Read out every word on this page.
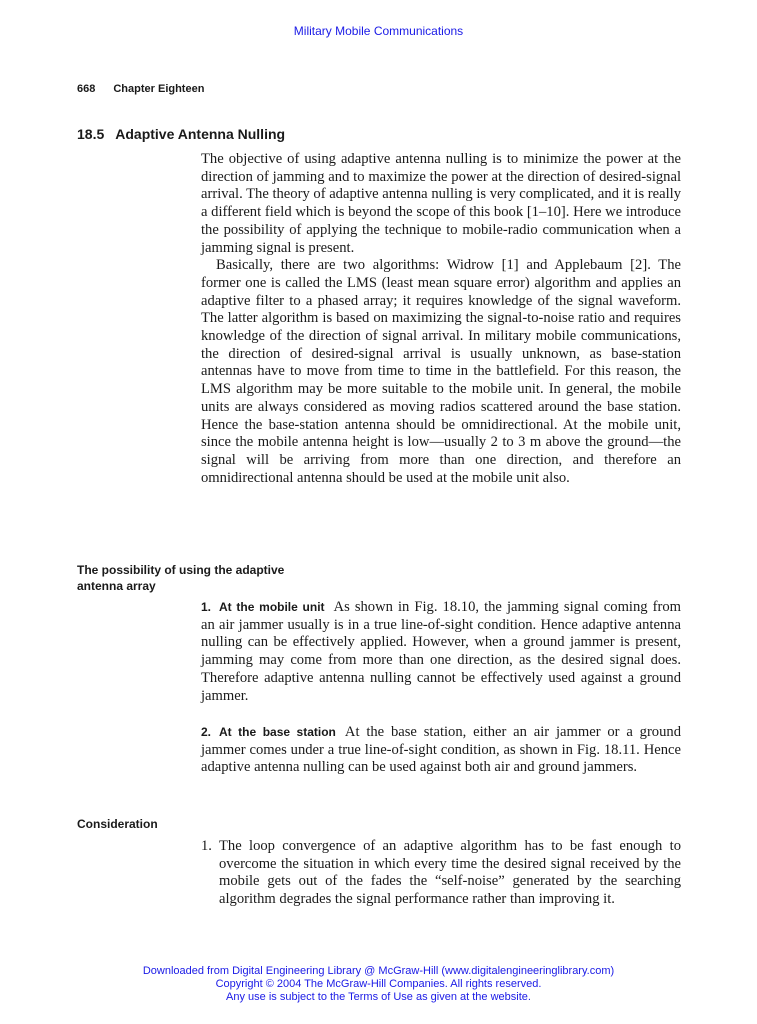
Military Mobile Communications
668 Chapter Eighteen
18.5 Adaptive Antenna Nulling

The objective of using adaptive antenna nulling is to minimize the power at the direction of jamming and to maximize the power at the direction of desired-signal arrival. The theory of adaptive antenna nulling is very complicated, and it is really a different field which is beyond the scope of this book [1–10]. Here we introduce the possibility of applying the technique to mobile-radio communication when a jamming signal is present.

Basically, there are two algorithms: Widrow [1] and Applebaum [2]. The former one is called the LMS (least mean square error) algorithm and applies an adaptive filter to a phased array; it requires knowledge of the signal waveform. The latter algorithm is based on maximizing the signal-to-noise ratio and requires knowledge of the direction of signal arrival. In military mobile communications, the direction of desired-signal arrival is usually unknown, as base-station antennas have to move from time to time in the battlefield. For this reason, the LMS algorithm may be more suitable to the mobile unit. In general, the mobile units are always considered as moving radios scattered around the base station. Hence the base-station antenna should be omnidirectional. At the mobile unit, since the mobile antenna height is low—usually 2 to 3 m above the ground—the signal will be arriving from more than one direction, and therefore an omnidirectional antenna should be used at the mobile unit also.

The possibility of using the adaptive antenna array

1. At the mobile unit As shown in Fig. 18.10, the jamming signal coming from an air jammer usually is in a true line-of-sight condition. Hence adaptive antenna nulling can be effectively applied. However, when a ground jammer is present, jamming may come from more than one direction, as the desired signal does. Therefore adaptive antenna nulling cannot be effectively used against a ground jammer.

2. At the base station At the base station, either an air jammer or a ground jammer comes under a true line-of-sight condition, as shown in Fig. 18.11. Hence adaptive antenna nulling can be used against both air and ground jammers.

Consideration

1. The loop convergence of an adaptive algorithm has to be fast enough to overcome the situation in which every time the desired signal received by the mobile gets out of the fades the “self-noise” generated by the searching algorithm degrades the signal performance rather than improving it.

Downloaded from Digital Engineering Library @ McGraw-Hill (www.digitalengineeringlibrary.com)
Copyright © 2004 The McGraw-Hill Companies. All rights reserved.
Any use is subject to the Terms of Use as given at the website.
